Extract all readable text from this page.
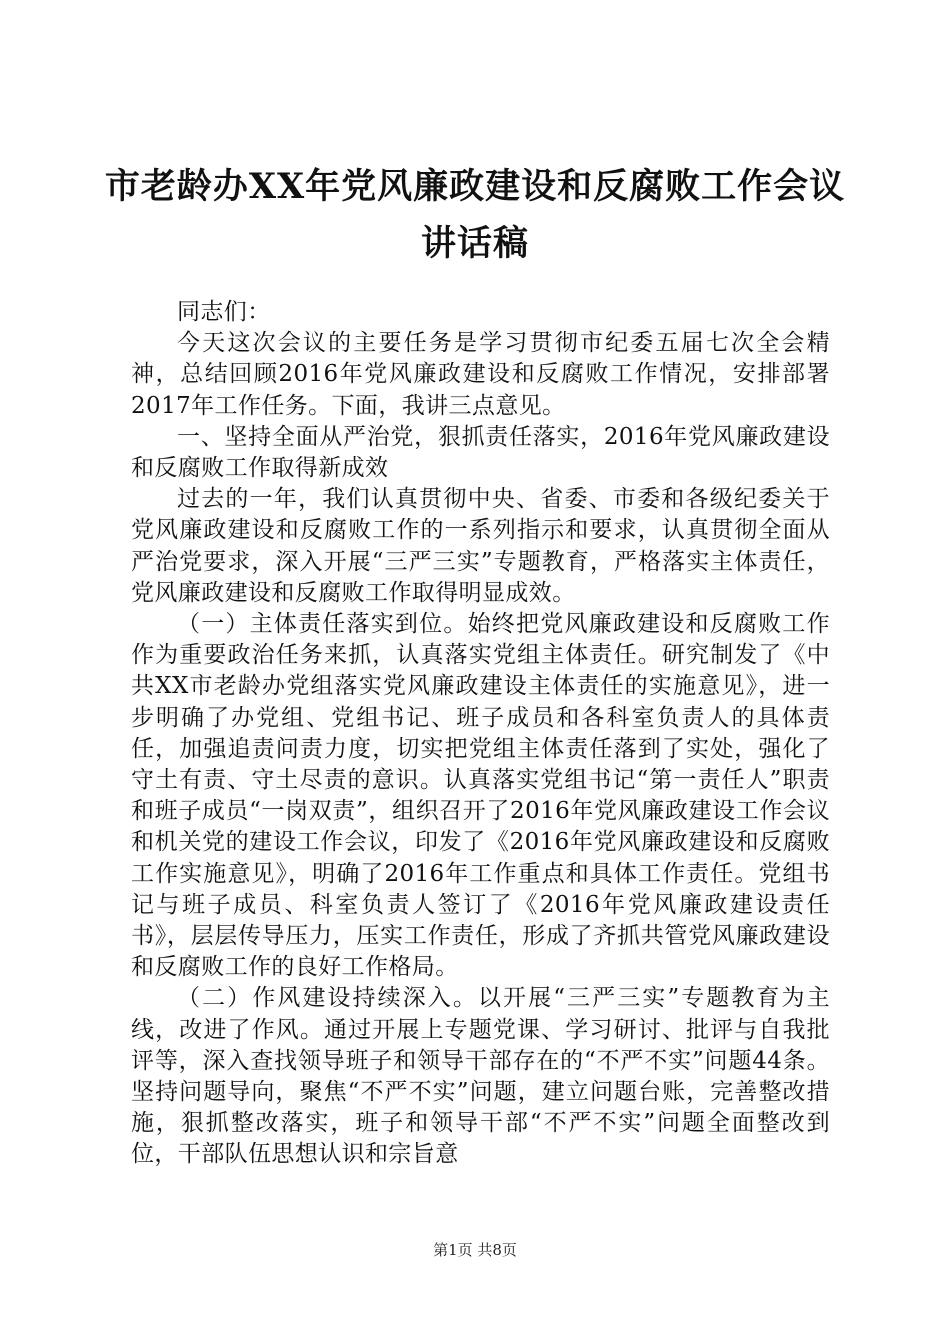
市老龄办XX年党风廉政建设和反腐败工作会议讲话稿

同志们：

今天这次会议的主要任务是学习贯彻市纪委五届七次全会精神，总结回顾2016年党风廉政建设和反腐败工作情况，安排部署2017年工作任务。下面，我讲三点意见。

一、坚持全面从严治党，狠抓责任落实，2016年党风廉政建设和反腐败工作取得新成效

过去的一年，我们认真贯彻中央、省委、市委和各级纪委关于党风廉政建设和反腐败工作的一系列指示和要求，认真贯彻全面从严治党要求，深入开展“三严三实”专题教育，严格落实主体责任，党风廉政建设和反腐败工作取得明显成效。

（一）主体责任落实到位。始终把党风廉政建设和反腐败工作作为重要政治任务来抓，认真落实党组主体责任。研究制发了《中共XX市老龄办党组落实党风廉政建设主体责任的实施意见》，进一步明确了办党组、党组书记、班子成员和各科室负责人的具体责任，加强追责问责力度，切实把党组主体责任落到了实处，强化了守土有责、守土尽责的意识。认真落实党组书记“第一责任人”职责和班子成员“一岗双责”，组织召开了2016年党风廉政建设工作会议和机关党的建设工作会议，印发了《2016年党风廉政建设和反腐败工作实施意见》，明确了2016年工作重点和具体工作责任。党组书记与班子成员、科室负责人签订了《2016年党风廉政建设责任书》，层层传导压力，压实工作责任，形成了齐抓共管党风廉政建设和反腐败工作的良好工作格局。

（二）作风建设持续深入。以开展“三严三实”专题教育为主线，改进了作风。通过开展上专题党课、学习研讨、批评与自我批评等，深入查找领导班子和领导干部存在的“不严不实”问题44条。坚持问题导向，聚焦“不严不实”问题，建立问题台账，完善整改措施，狠抓整改落实，班子和领导干部“不严不实”问题全面整改到位，干部队伍思想认识和宗旨意

第1页 共8页
